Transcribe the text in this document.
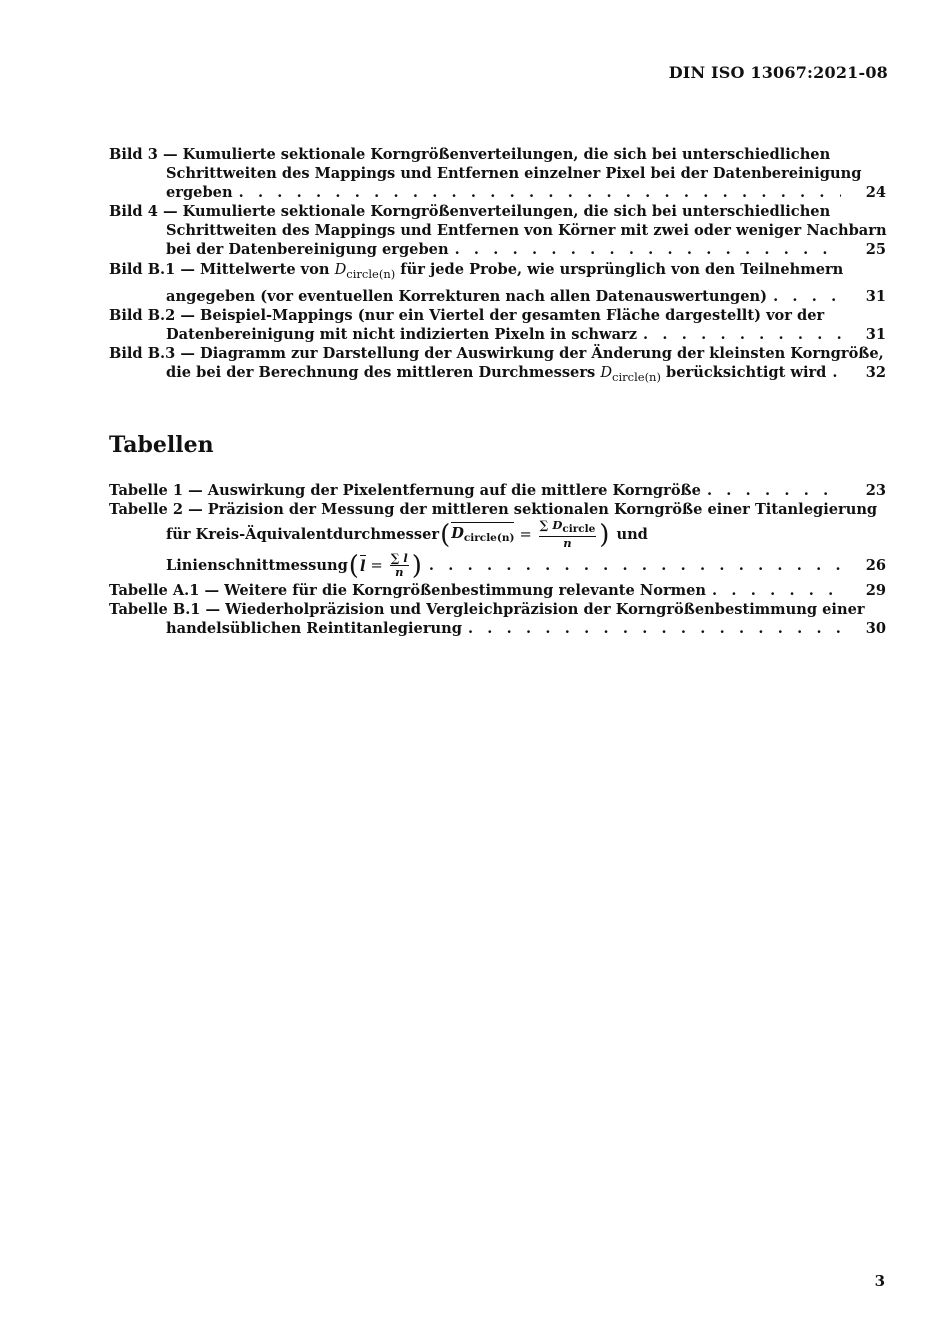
DIN ISO 13067:2021-08
Bild 3 — Kumulierte sektionale Korngrößenverteilungen, die sich bei unterschiedlichen
Schrittweiten des Mappings und Entfernen einzelner Pixel bei der Datenbereinigung
ergeben . . .	24
Bild 4 — Kumulierte sektionale Korngrößenverteilungen, die sich bei unterschiedlichen
Schrittweiten des Mappings und Entfernen von Körner mit zwei oder weniger Nachbarn
bei der Datenbereinigung ergeben . . .	25
Bild B.1 — Mittelwerte von $D_{circle(n)}$ für jede Probe, wie ursprünglich von den Teilnehmern
angegeben (vor eventuellen Korrekturen nach allen Datenauswertungen) . . .	31
Bild B.2 — Beispiel-Mappings (nur ein Viertel der gesamten Fläche dargestellt) vor der
Datenbereinigung mit nicht indizierten Pixeln in schwarz . . .	31
Bild B.3 — Diagramm zur Darstellung der Auswirkung der Änderung der kleinsten Korngröße,
die bei der Berechnung des mittleren Durchmessers $D_{circle(n)}$ berücksichtigt wird . . .	32
Tabellen
Tabelle 1 — Auswirkung der Pixelentfernung auf die mittlere Korngröße . . .	23
Tabelle 2 — Präzision der Messung der mittleren sektionalen Korngröße einer Titanlegierung
für Kreis-Äquivalentdurchmesser ( $D_{circle(n)} = \frac{\text{∑ Dcircle}}{n}$ ) und
Linienschnittmessung ( $l = \frac{\sum l}{n}$ ) . . .	26
Tabelle A.1 — Weitere für die Korngrößenbestimmung relevante Normen . . .	29
Tabelle B.1 — Wiederholpräzision und Vergleichpräzision der Korngrößenbestimmung einer
handelsüblichen Reintitanlegierung . . .	30
3
